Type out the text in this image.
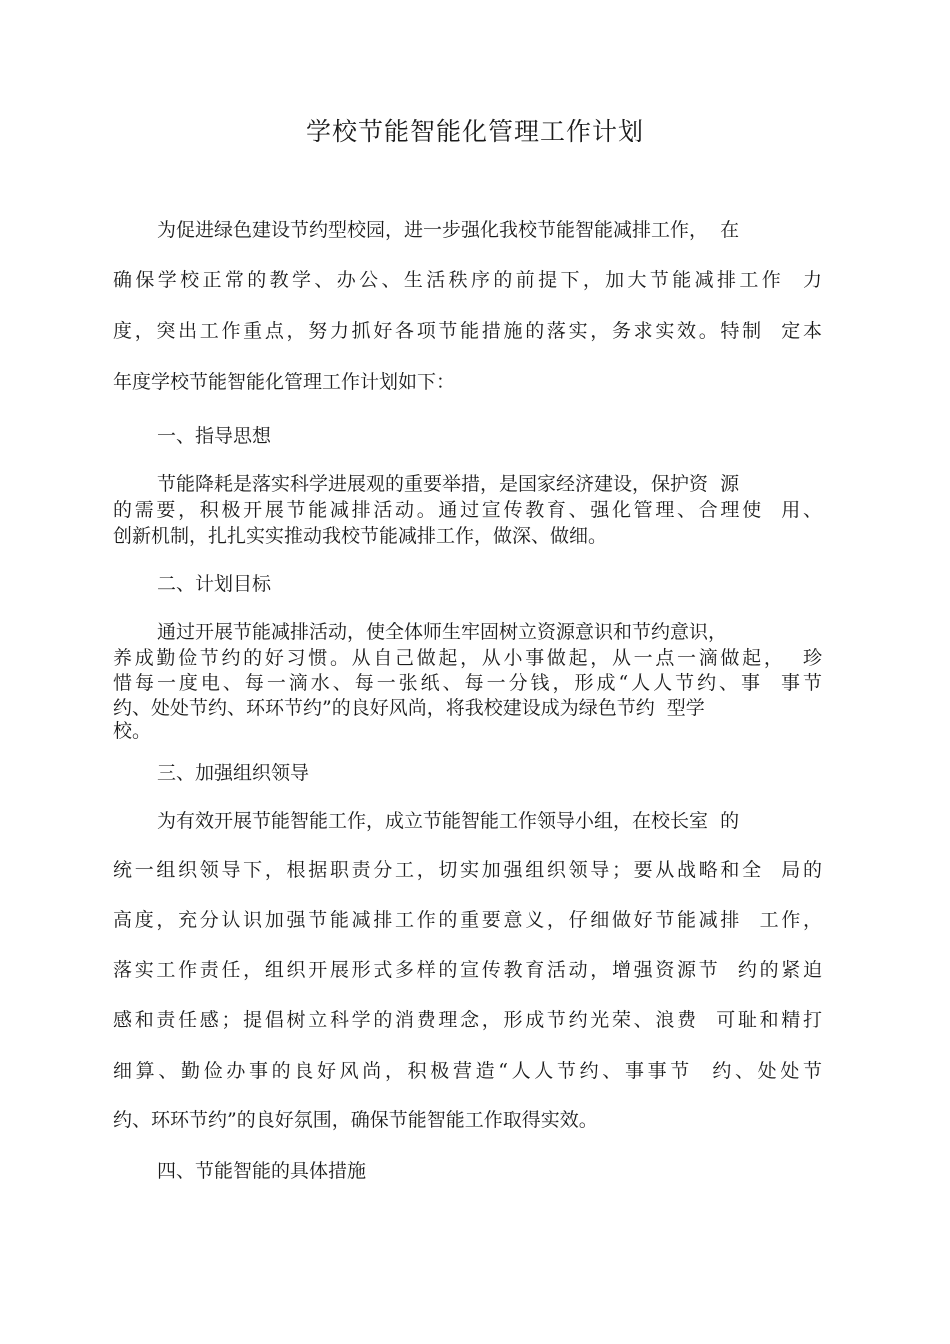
学校节能智能化管理工作计划
为促进绿色建设节约型校园，进一步强化我校节能智能减排工作，  在
确保学校正常的教学、办公、生活秩序的前提下，加大节能减排工作  力
度，突出工作重点，努力抓好各项节能措施的落实，务求实效。特制  定本
年度学校节能智能化管理工作计划如下：
一、指导思想
节能降耗是落实科学进展观的重要举措，是国家经济建设，保护资  源
的需要，积极开展节能减排活动。通过宣传教育、强化管理、合理使  用、
创新机制，扎扎实实推动我校节能减排工作，做深、做细。
二、计划目标
通过开展节能减排活动，使全体师生牢固树立资源意识和节约意识，
养成勤俭节约的好习惯。从自己做起，从小事做起，从一点一滴做起，  珍
惜每一度电、每一滴水、每一张纸、每一分钱，形成“人人节约、事  事节
约、处处节约、环环节约”的良好风尚，将我校建设成为绿色节约  型学
校。
三、加强组织领导
为有效开展节能智能工作，成立节能智能工作领导小组，在校长室  的
统一组织领导下，根据职责分工，切实加强组织领导；要从战略和全  局的
高度，充分认识加强节能减排工作的重要意义，仔细做好节能减排  工作，
落实工作责任，组织开展形式多样的宣传教育活动，增强资源节  约的紧迫
感和责任感；提倡树立科学的消费理念，形成节约光荣、浪费  可耻和精打
细算、勤俭办事的良好风尚，积极营造“人人节约、事事节  约、处处节
约、环环节约”的良好氛围，确保节能智能工作取得实效。
四、节能智能的具体措施
